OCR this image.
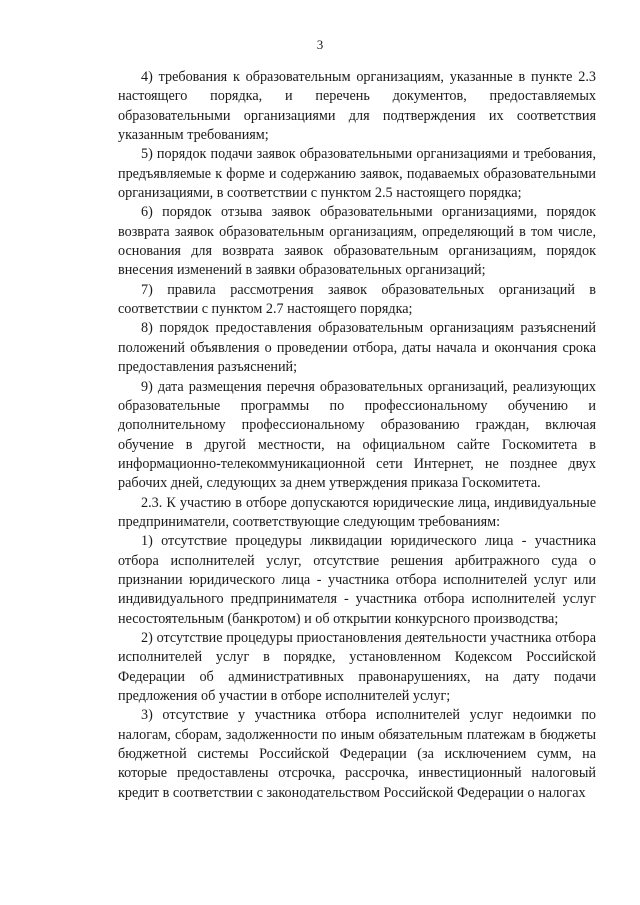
3

4) требования к образовательным организациям, указанные в пункте 2.3 настоящего порядка, и перечень документов, предоставляемых образовательными организациями для подтверждения их соответствия указанным требованиям;

5) порядок подачи заявок образовательными организациями и требования, предъявляемые к форме и содержанию заявок, подаваемых образовательными организациями, в соответствии с пунктом 2.5 настоящего порядка;

6) порядок отзыва заявок образовательными организациями, порядок возврата заявок образовательным организациям, определяющий в том числе, основания для возврата заявок образовательным организациям, порядок внесения изменений в заявки образовательных организаций;

7) правила рассмотрения заявок образовательных организаций в соответствии с пунктом 2.7 настоящего порядка;

8) порядок предоставления образовательным организациям разъяснений положений объявления о проведении отбора, даты начала и окончания срока предоставления разъяснений;

9) дата размещения перечня образовательных организаций, реализующих образовательные программы по профессиональному обучению и дополнительному профессиональному образованию граждан, включая обучение в другой местности, на официальном сайте Госкомитета в информационно-телекоммуникационной сети Интернет, не позднее двух рабочих дней, следующих за днем утверждения приказа Госкомитета.

2.3. К участию в отборе допускаются юридические лица, индивидуальные предприниматели, соответствующие следующим требованиям:

1) отсутствие процедуры ликвидации юридического лица - участника отбора исполнителей услуг, отсутствие решения арбитражного суда о признании юридического лица - участника отбора исполнителей услуг или индивидуального предпринимателя - участника отбора исполнителей услуг несостоятельным (банкротом) и об открытии конкурсного производства;

2) отсутствие процедуры приостановления деятельности участника отбора исполнителей услуг в порядке, установленном Кодексом Российской Федерации об административных правонарушениях, на дату подачи предложения об участии в отборе исполнителей услуг;

3) отсутствие у участника отбора исполнителей услуг недоимки по налогам, сборам, задолженности по иным обязательным платежам в бюджеты бюджетной системы Российской Федерации (за исключением сумм, на которые предоставлены отсрочка, рассрочка, инвестиционный налоговый кредит в соответствии с законодательством Российской Федерации о налогах
